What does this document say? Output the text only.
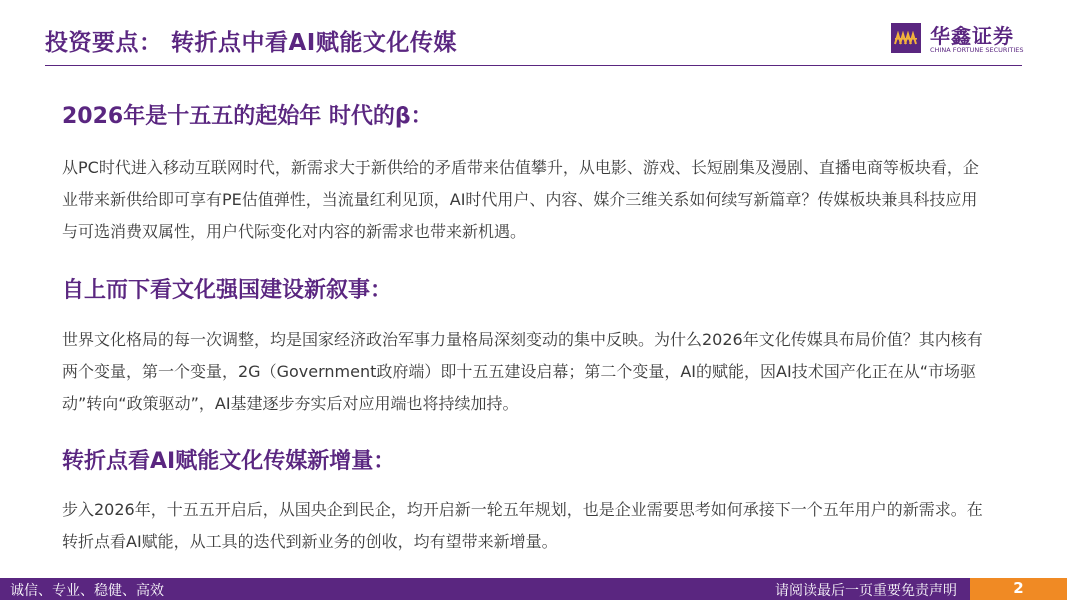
投资要点： 转折点中看AI赋能文化传媒	华鑫证券
CHINA FORTUNE SECURITIES
2026年是十五五的起始年 时代的β：
从PC时代进入移动互联网时代，新需求大于新供给的矛盾带来估值攀升，从电影、游戏、长短剧集及漫剧、直播电商等板块看，企业带来新供给即可享有PE估值弹性，当流量红利见顶，AI时代用户、内容、媒介三维关系如何续写新篇章？传媒板块兼具科技应用与可选消费双属性，用户代际变化对内容的新需求也带来新机遇。
自上而下看文化强国建设新叙事：
世界文化格局的每一次调整，均是国家经济政治军事力量格局深刻变动的集中反映。为什么2026年文化传媒具布局价值？其内核有两个变量，第一个变量，2G（Government政府端）即十五五建设启幕；第二个变量，AI的赋能，因AI技术国产化正在从“市场驱动”转向“政策驱动”，AI基建逐步夯实后对应用端也将持续加持。
转折点看AI赋能文化传媒新增量：
步入2026年，十五五开启后，从国央企到民企，均开启新一轮五年规划，也是企业需要思考如何承接下一个五年用户的新需求。在转折点看AI赋能，从工具的迭代到新业务的创收，均有望带来新增量。
诚信、专业、稳健、高效	请阅读最后一页重要免责声明	2
